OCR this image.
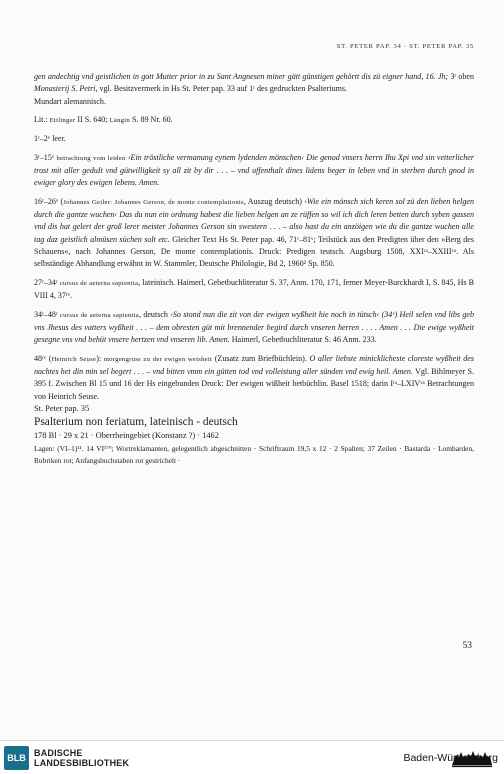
ST. PETER PAP. 34 · ST. PETER PAP. 35

gen andechtig vnd geistlichen in gott Mutter prior in zu Sant Angnesen miner gätt günstigen gehörtt dis zü eigner hand, 16. Jh; 3ʳ oben Monasterij S. Petri, vgl. Besitzvermerk in Hs St. Peter pap. 33 auf 1ʳ des gedruckten Psalteriums.

Mundart alemannisch.

Lit.: Ettlinger II S. 640; Längin S. 89 Nr. 60.

1ʳ–2ᵛ leer.

3ʳ–15ᵛ betrachtung vom leiden ›Ein tröstliche vermanung eynem lydenden mönschen‹ Die genod vnsers herrn Ihu Xpi vnd sin vetterlicher trost mit aller geduIt vnd gütwilligkeit sy all zit by dir . . . – vnd uffenthalt dines lidens beger in leben vnd in sterben durch gnod in ewiger glory des ewigen lebens. Amen.

16ʳ–26ᵛ (Johannes Geiler: Johannes Gerson, de monte contemplationis, Auszug deutsch) ›Wie ein mönsch sich keren sol zü den lieben helgen durch die gantze wuchen‹ Das du nun ein ordnung habest die lieben helgen an ze rüffen so wil ich dich leren betten durch syben gassen vnd dis hat gelert der groß lerer meister Johannes Gerson sin swestern . . . – also hast du ein anzöigen wie du die gantze wuchen alle tag daz geistlich almüsen süchen solt etc. Gleicher Text Hs St. Peter pap. 46, 71ʳ–81ᵛ; Teilstück aus den Predigten über den »Berg des Schauens«, nach Johannes Gerson, De monte contemplationis. Druck: Predigen teutsch. Augsburg 1508, XXIʳᵃ–XXIIIᵛᵃ. Als selbständige Abhandlung erwähnt in W. Stammler, Deutsche Philologie, Bd 2, 1960² Sp. 850.

27ʳ–34ʳ cursus de aeterna sapientia, lateinisch. Haimerl, Gebetbuchliteratur S. 37, Anm. 170, 171, ferner Meyer-Burckhardt I, S. 845, Hs B VIII 4, 37ʳᵛ.

34ʳ–48ʳ cursus de aeterna sapientia, deutsch ›So stond nun die zit von der ewigen wyßheit hie noch in tütsch‹ (34ᵛ) Heil selen vnd libs geb vns Jhesus des vatters wyßheit . . . – dem obresten güt mit brennender begird durch vnseren herren . . . . Amen . . . Die ewige wyßheit gesegne vns vnd behüt vnsere hertzen vnd vnseren lib. Amen. Haimerl, Gebetbuchliteratur S. 46 Anm. 233.

48ʳᵛ (Heinrich Seuse): morgengruss zu der ewigen weisheit (Zusatz zum Briefbüchlein). O aller liebste minicklicheste cloreste wyßheit des nachtes het din min sel begert . . . – vnd bitten vmm ein gütten tod vnd volleistung aller sünden vnd ewig heil. Amen. Vgl. Bihlmeyer S. 395 f. Zwischen Bl 15 und 16 der Hs eingebunden Druck: Der ewigen wißheit betbüchlin. Basel 1518; darin Iʳᵃ–LXIVᵛᵃ Betrachtungen von Heinrich Seuse.

St. Peter pap. 35

Psalterium non feriatum, lateinisch - deutsch

178 Bl · 29 x 21 · Oberrheingebiet (Konstanz ?) · 1462

Lagen: (VI–1)¹¹. 14 VI¹⁷⁹; Wortreklamanten, gelegentlich abgeschnitten · Schriftraum 19,5 x 12 · 2 Spalten; 37 Zeilen · Bastarda · Lombarden, Rubriken rot; Anfangsbuchstaben rot gestrichelt ·

53
BLB BADISCHE
LANDESBIBLIOTHEK	Baden-Württemberg
